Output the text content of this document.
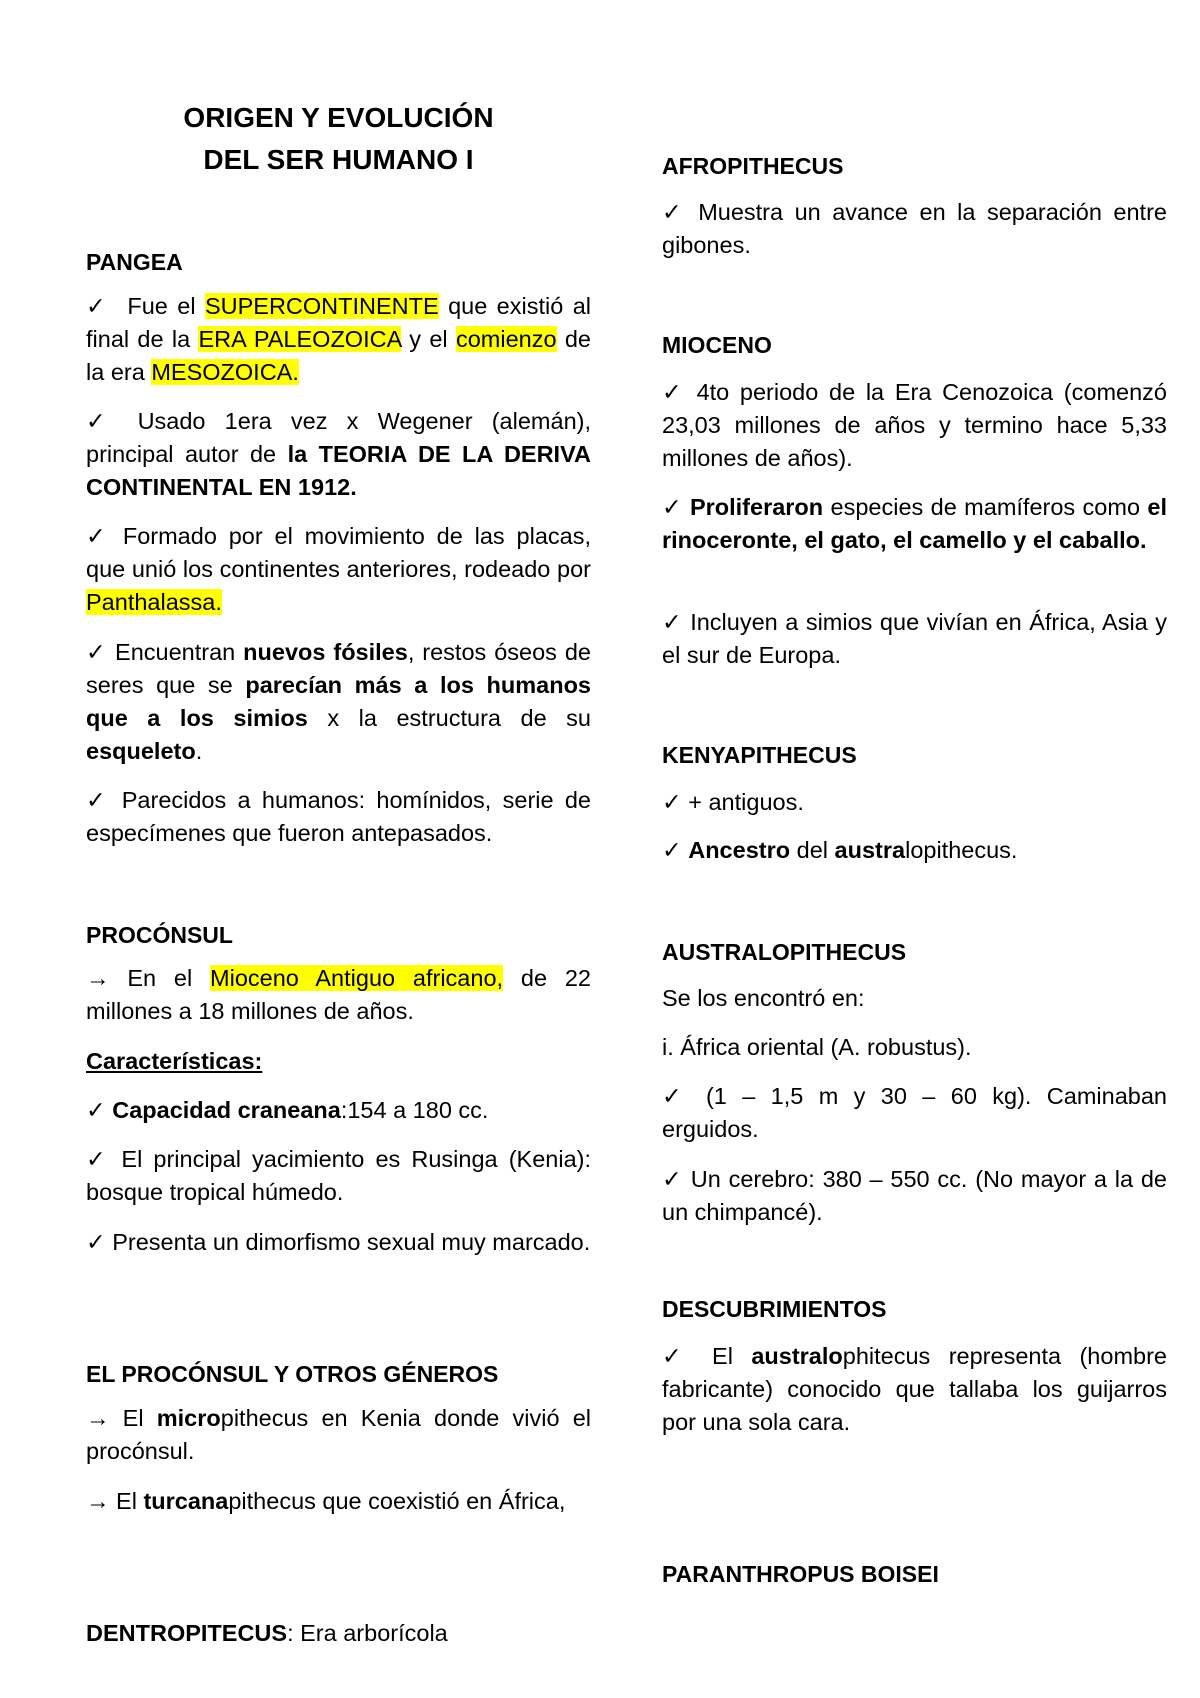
ORIGEN Y EVOLUCIÓN
DEL SER HUMANO I
PANGEA
✓ Fue el SUPERCONTINENTE que existió al final de la ERA PALEOZOICA y el comienzo de la era MESOZOICA.
✓ Usado 1era vez x Wegener (alemán), principal autor de la TEORIA DE LA DERIVA CONTINENTAL EN 1912.
✓ Formado por el movimiento de las placas, que unió los continentes anteriores, rodeado por Panthalassa.
✓ Encuentran nuevos fósiles, restos óseos de seres que se parecían más a los humanos que a los simios x la estructura de su esqueleto.
✓ Parecidos a humanos: homínidos, serie de especímenes que fueron antepasados.
PROCÓNSUL
→ En el Mioceno Antiguo africano, de 22 millones a 18 millones de años.
Características:
✓ Capacidad craneana:154 a 180 cc.
✓ El principal yacimiento es Rusinga (Kenia): bosque tropical húmedo.
✓ Presenta un dimorfismo sexual muy marcado.
EL PROCÓNSUL Y OTROS GÉNEROS
→ El micropithecus en Kenia donde vivió el procónsul.
→ El turcanapithecus que coexistió en África,
DENTROPITECUS: Era arborícola
AFROPITHECUS
✓ Muestra un avance en la separación entre gibones.
MIOCENO
✓ 4to periodo de la Era Cenozoica (comenzó 23,03 millones de años y termino hace 5,33 millones de años).
✓ Proliferaron especies de mamíferos como el rinoceronte, el gato, el camello y el caballo.
✓ Incluyen a simios que vivían en África, Asia y el sur de Europa.
KENYAPITHECUS
✓ + antiguos.
✓ Ancestro del australopithecus.
AUSTRALOPITHECUS
Se los encontró en:
i. África oriental (A. robustus).
✓ (1 – 1,5 m y 30 – 60 kg). Caminaban erguidos.
✓ Un cerebro: 380 – 550 cc. (No mayor a la de un chimpancé).
DESCUBRIMIENTOS
✓ El australophitecus representa (hombre fabricante) conocido que tallaba los guijarros por una sola cara.
PARANTHROPUS BOISEI
